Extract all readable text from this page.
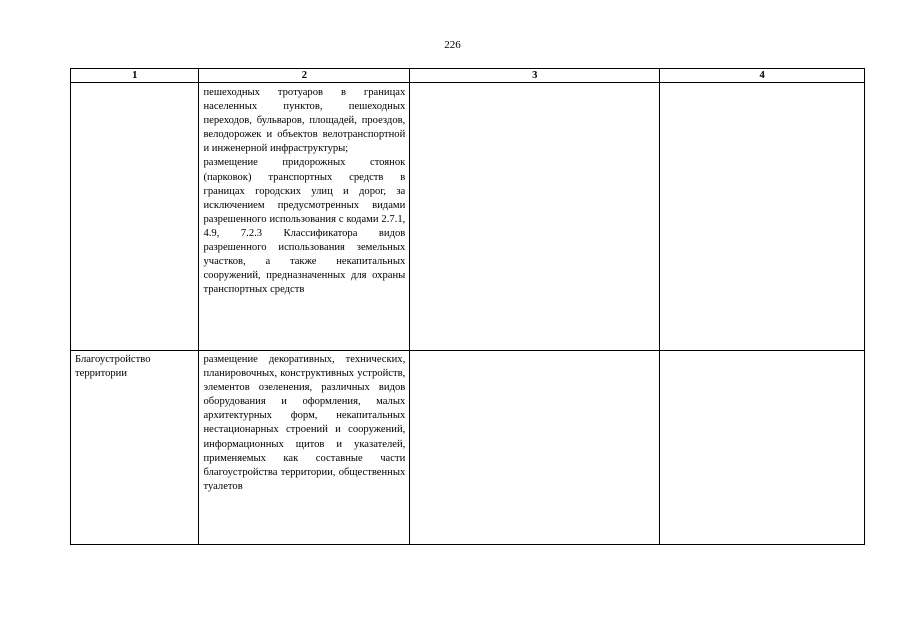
226
1	2	3	4

	пешеходных тротуаров в границах населенных пунктов, пешеходных переходов, бульваров, площадей, проездов, велодорожек и объектов велотранспортной и инженерной инфраструктуры;
размещение придорожных стоянок (парковок) транспортных средств в границах городских улиц и дорог, за исключением предусмотренных видами разрешенного использования с кодами 2.7.1, 4.9, 7.2.3 Классификатора видов разрешенного использования земельных участков, а также некапитальных сооружений, предназначенных для охраны транспортных средств		

Благоустройство территории	размещение декоративных, технических, планировочных, конструктивных устройств, элементов озеленения, различных видов оборудования и оформления, малых архитектурных форм, некапитальных нестационарных строений и сооружений, информационных щитов и указателей, применяемых как составные части благоустройства территории, общественных туалетов		
